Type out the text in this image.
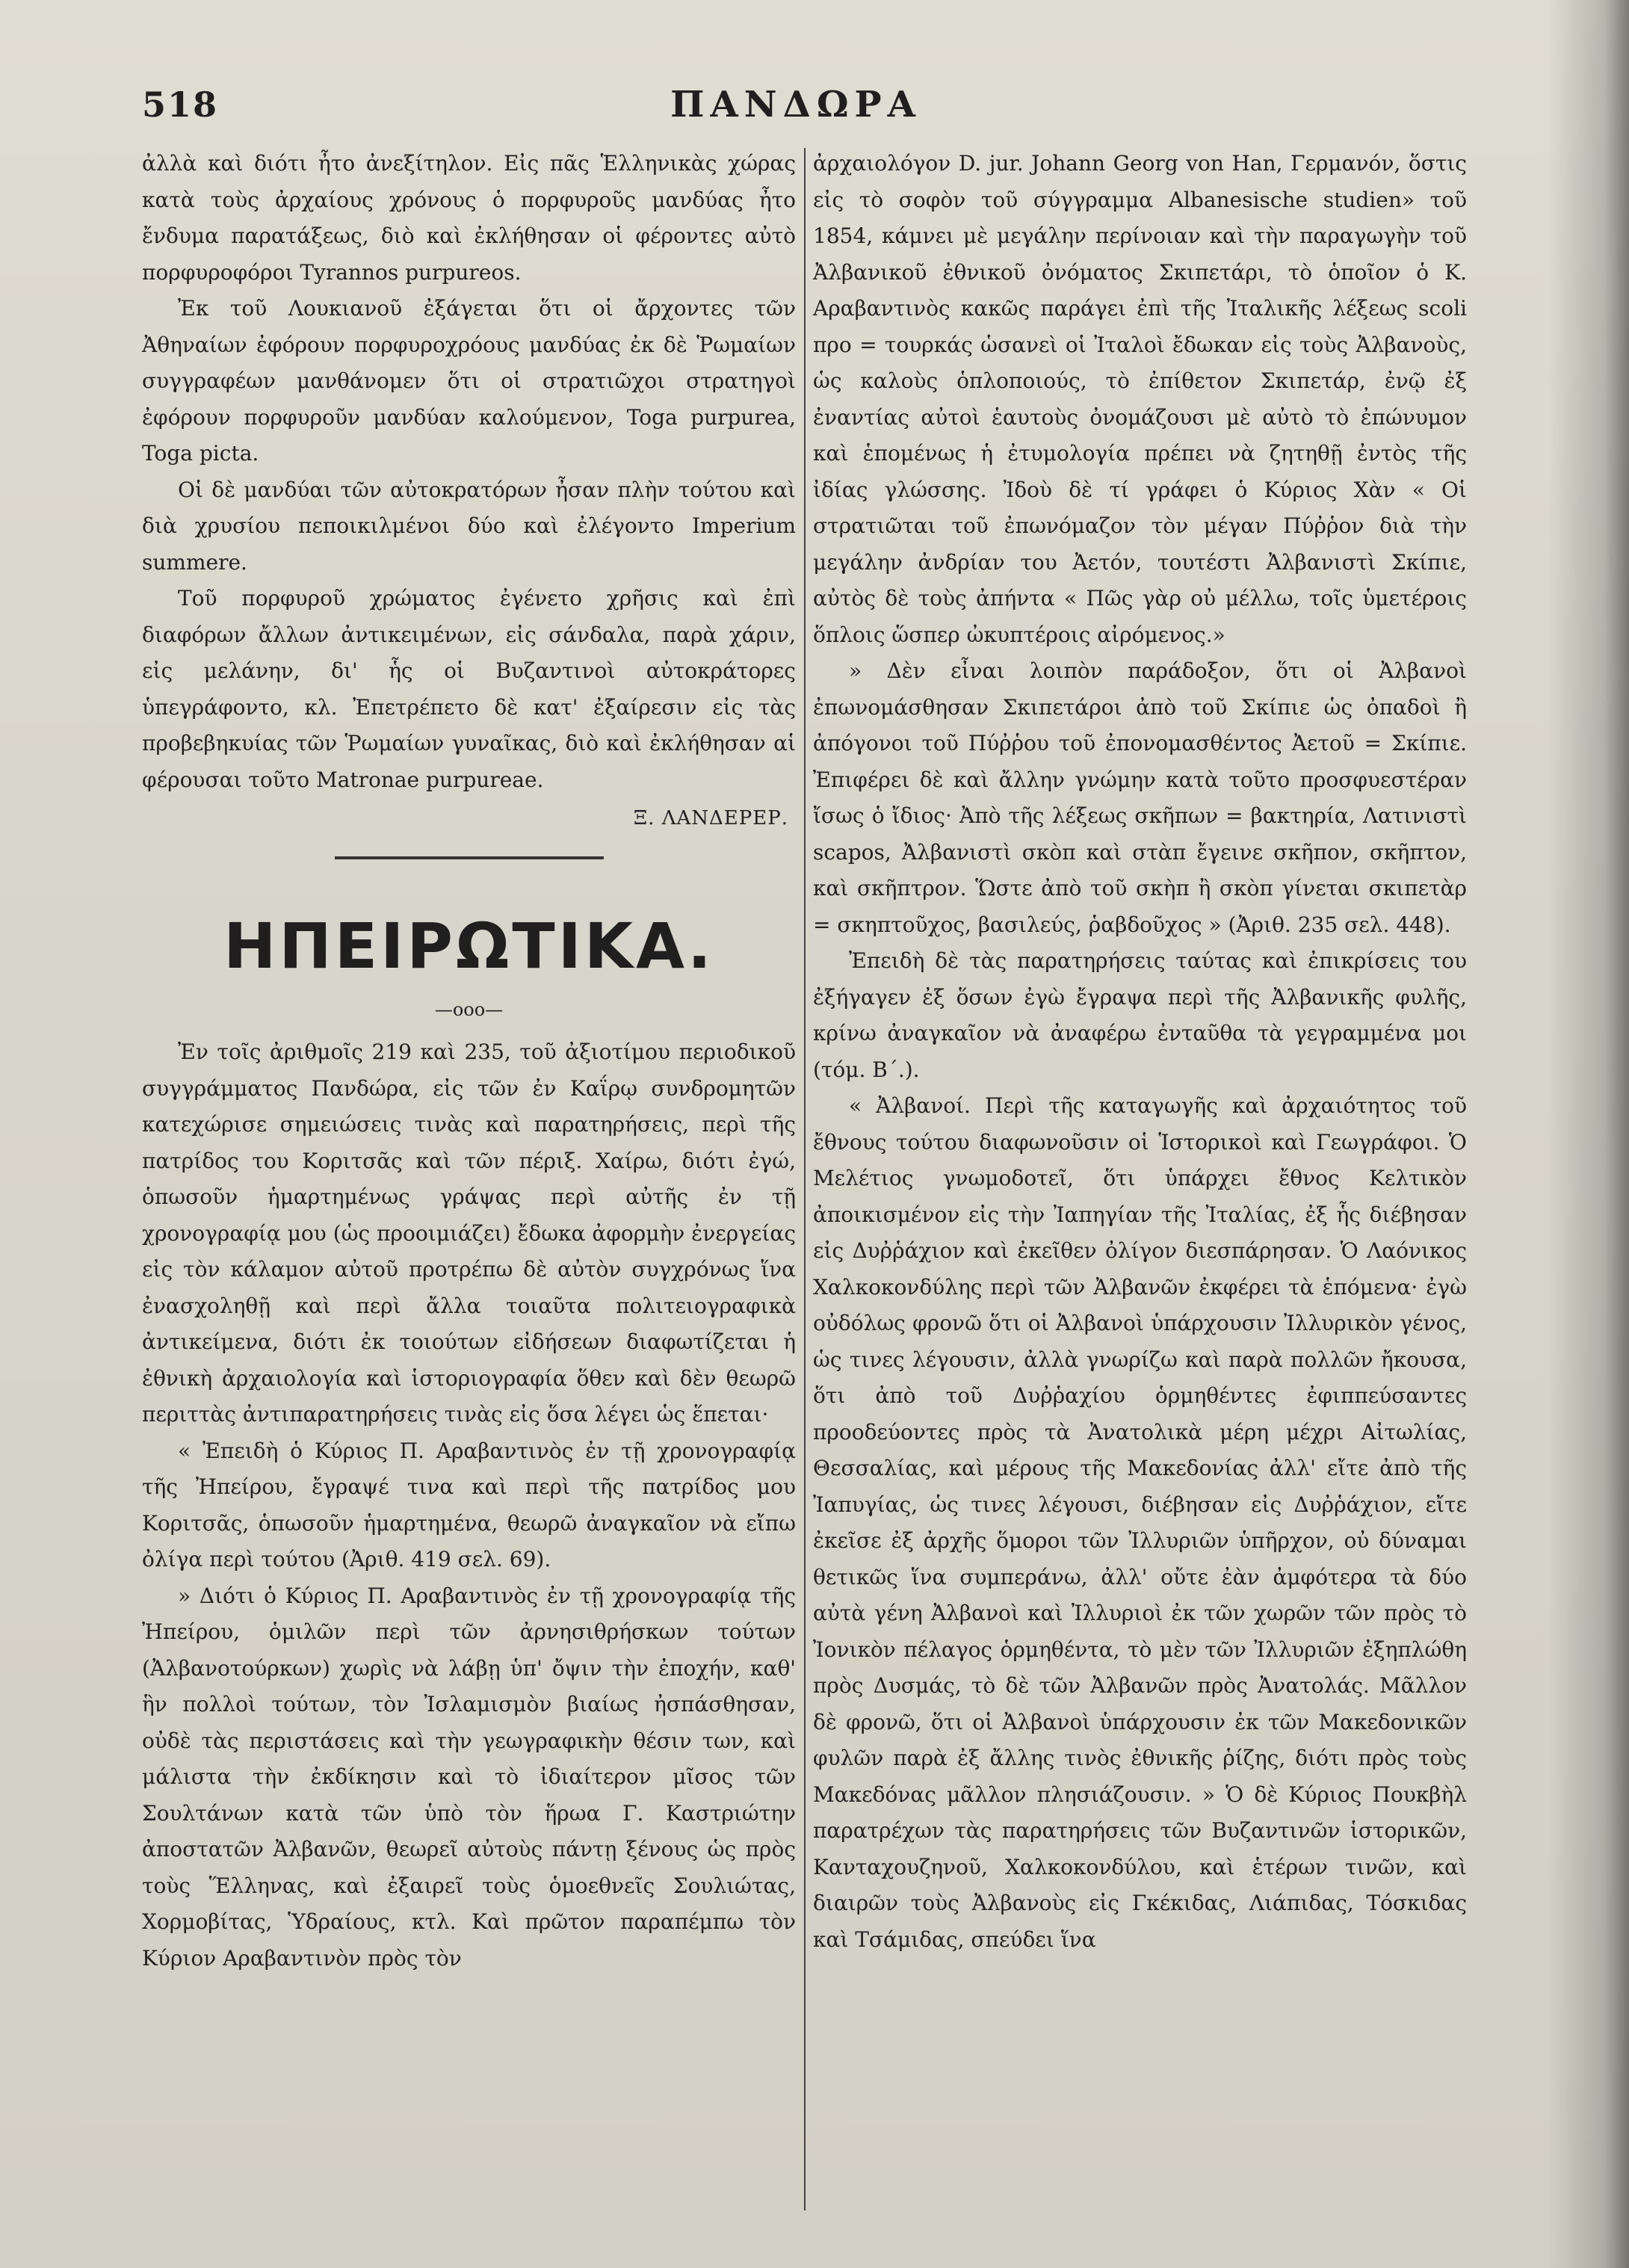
518	ΠΑΝΔΩΡΑ

ἀλλὰ καὶ διότι ἦτο ἀνεξίτηλον. Εἰς πᾶς Ἑλληνικὰς χώρας κατὰ τοὺς ἀρχαίους χρόνους ὁ πορφυροῦς μανδύας ἦτο ἔνδυμα παρατάξεως, διὸ καὶ ἐκλήθησαν οἱ φέροντες αὐτὸ πορφυροφόροι Tyrannos purpureos.

Ἐκ τοῦ Λουκιανοῦ ἐξάγεται ὅτι οἱ ἄρχοντες τῶν Ἀθηναίων ἐφόρουν πορφυροχρόους μανδύας ἐκ δὲ Ῥωμαίων συγγραφέων μανθάνομεν ὅτι οἱ στρατιῶχοι στρατηγοὶ ἐφόρουν πορφυροῦν μανδύαν καλούμενον, Toga purpurea, Toga picta.

Οἱ δὲ μανδύαι τῶν αὐτοκρατόρων ἦσαν πλὴν τούτου καὶ διὰ χρυσίου πεποικιλμένοι δύο καὶ ἐλέγοντο Imperium summere.

Τοῦ πορφυροῦ χρώματος ἐγένετο χρῆσις καὶ ἐπὶ διαφόρων ἄλλων ἀντικειμένων, εἰς σάνδαλα, παρὰ χάριν, εἰς μελάνην, δι' ἧς οἱ Βυζαντινοὶ αὐτοκράτορες ὑπεγράφοντο, κλ. Ἐπετρέπετο δὲ κατ' ἐξαίρεσιν εἰς τὰς προβεβηκυίας τῶν Ῥωμαίων γυναῖκας, διὸ καὶ ἐκλήθησαν αἱ φέρουσαι τοῦτο Matronae purpureae.

Ξ. ΛΑΝΔΕΡΕΡ.

ΗΠΕΙΡΩΤΙΚΑ.
—οοο—

Ἐν τοῖς ἀριθμοῖς 219 καὶ 235, τοῦ ἀξιοτίμου περιοδικοῦ συγγράμματος Πανδώρα, εἰς τῶν ἐν Καΐρῳ συνδρομητῶν κατεχώρισε σημειώσεις τινὰς καὶ παρατηρήσεις, περὶ τῆς πατρίδος του Κοριτσᾶς καὶ τῶν πέριξ. Χαίρω, διότι ἐγώ, ὁπωσοῦν ἡμαρτημένως γράψας περὶ αὐτῆς ἐν τῇ χρονογραφίᾳ μου (ὡς προοιμιάζει) ἔδωκα ἀφορμὴν ἐνεργείας εἰς τὸν κάλαμον αὐτοῦ προτρέπω δὲ αὐτὸν συγχρόνως ἵνα ἐνασχοληθῇ καὶ περὶ ἄλλα τοιαῦτα πολιτειογραφικὰ ἀντικείμενα, διότι ἐκ τοιούτων εἰδήσεων διαφωτίζεται ἡ ἐθνικὴ ἀρχαιολογία καὶ ἱστοριογραφία ὅθεν καὶ δὲν θεωρῶ περιττὰς ἀντιπαρατηρήσεις τινὰς εἰς ὅσα λέγει ὡς ἕπεται·

« Ἐπειδὴ ὁ Κύριος Π. Αραβαντινὸς ἐν τῇ χρονογραφίᾳ τῆς Ἠπείρου, ἔγραψέ τινα καὶ περὶ τῆς πατρίδος μου Κοριτσᾶς, ὁπωσοῦν ἡμαρτημένα, θεωρῶ ἀναγκαῖον νὰ εἴπω ὀλίγα περὶ τούτου (Ἀριθ. 419 σελ. 69).

» Διότι ὁ Κύριος Π. Αραβαντινὸς ἐν τῇ χρονογραφίᾳ τῆς Ἠπείρου, ὁμιλῶν περὶ τῶν ἀρνησιθρήσκων τούτων (Ἀλβανοτούρκων) χωρὶς νὰ λάβῃ ὑπ' ὄψιν τὴν ἐποχήν, καθ' ἣν πολλοὶ τούτων, τὸν Ἰσλαμισμὸν βιαίως ἠσπάσθησαν, οὐδὲ τὰς περιστάσεις καὶ τὴν γεωγραφικὴν θέσιν των, καὶ μάλιστα τὴν ἐκδίκησιν καὶ τὸ ἰδιαίτερον μῖσος τῶν Σουλτάνων κατὰ τῶν ὑπὸ τὸν ἥρωα Γ. Καστριώτην ἀποστατῶν Ἀλβανῶν, θεωρεῖ αὐτοὺς πάντῃ ξένους ὡς πρὸς τοὺς Ἕλληνας, καὶ ἐξαιρεῖ τοὺς ὁμοεθνεῖς Σουλιώτας, Χορμοβίτας, Ὑδραίους, κτλ. Καὶ πρῶτον παραπέμπω τὸν Κύριον Αραβαντινὸν πρὸς τὸν

ἀρχαιολόγον D. jur. Johann Georg von Han, Γερμανόν, ὅστις εἰς τὸ σοφὸν τοῦ σύγγραμμα Albanesische studien» τοῦ 1854, κάμνει μὲ μεγάλην περίνοιαν καὶ τὴν παραγωγὴν τοῦ Ἀλβανικοῦ ἐθνικοῦ ὀνόματος Σκιπετάρι, τὸ ὁποῖον ὁ Κ. Αραβαντινὸς κακῶς παράγει ἐπὶ τῆς Ἰταλικῆς λέξεως scoli προ = τουρκάς ὡσανεὶ οἱ Ἰταλοὶ ἔδωκαν εἰς τοὺς Ἀλβανοὺς, ὡς καλοὺς ὁπλοποιούς, τὸ ἐπίθετον Σκιπετάρ, ἐνῷ ἐξ ἐναντίας αὐτοὶ ἑαυτοὺς ὀνομάζουσι μὲ αὐτὸ τὸ ἐπώνυμον καὶ ἑπομένως ἡ ἐτυμολογία πρέπει νὰ ζητηθῇ ἐντὸς τῆς ἰδίας γλώσσης. Ἰδοὺ δὲ τί γράφει ὁ Κύριος Χὰν « Οἱ στρατιῶται τοῦ ἐπωνόμαζον τὸν μέγαν Πύῤῥον διὰ τὴν μεγάλην ἀνδρίαν του Ἀετόν, τουτέστι Ἀλβανιστὶ Σκίπιε, αὐτὸς δὲ τοὺς ἀπήντα « Πῶς γὰρ οὐ μέλλω, τοῖς ὑμετέροις ὅπλοις ὥσπερ ὠκυπτέροις αἰρόμενος.»

» Δὲν εἶναι λοιπὸν παράδοξον, ὅτι οἱ Ἀλβανοὶ ἐπωνομάσθησαν Σκιπετάροι ἀπὸ τοῦ Σκίπιε ὡς ὀπαδοὶ ἢ ἀπόγονοι τοῦ Πύῤῥου τοῦ ἐπονομασθέντος Ἀετοῦ = Σκίπιε. Ἐπιφέρει δὲ καὶ ἄλλην γνώμην κατὰ τοῦτο προσφυεστέραν ἴσως ὁ ἴδιος· Ἀπὸ τῆς λέξεως σκῆπων = βακτηρία, Λατινιστὶ scapos, Ἀλβανιστὶ σκὸπ καὶ στὰπ ἔγεινε σκῆπον, σκῆπτον, καὶ σκῆπτρον. Ὥστε ἀπὸ τοῦ σκὴπ ἢ σκὸπ γίνεται σκιπετὰρ = σκηπτοῦχος, βασιλεύς, ῥαβδοῦχος » (Ἀριθ. 235 σελ. 448).

Ἐπειδὴ δὲ τὰς παρατηρήσεις ταύτας καὶ ἐπικρίσεις του ἐξήγαγεν ἐξ ὅσων ἐγὼ ἔγραψα περὶ τῆς Ἀλβανικῆς φυλῆς, κρίνω ἀναγκαῖον νὰ ἀναφέρω ἐνταῦθα τὰ γεγραμμένα μοι (τόμ. Β΄.).

« Ἀλβανοί. Περὶ τῆς καταγωγῆς καὶ ἀρχαιότητος τοῦ ἔθνους τούτου διαφωνοῦσιν οἱ Ἱστορικοὶ καὶ Γεωγράφοι. Ὁ Μελέτιος γνωμοδοτεῖ, ὅτι ὑπάρχει ἔθνος Κελτικὸν ἀποικισμένον εἰς τὴν Ἰαπηγίαν τῆς Ἰταλίας, ἐξ ἧς διέβησαν εἰς Δυῤῥάχιον καὶ ἐκεῖθεν ὀλίγον διεσπάρησαν. Ὁ Λαόνικος Χαλκοκονδύλης περὶ τῶν Ἀλβανῶν ἐκφέρει τὰ ἑπόμενα· ἐγὼ οὐδόλως φρονῶ ὅτι οἱ Ἀλβανοὶ ὑπάρχουσιν Ἰλλυρικὸν γένος, ὡς τινες λέγουσιν, ἀλλὰ γνωρίζω καὶ παρὰ πολλῶν ἤκουσα, ὅτι ἀπὸ τοῦ Δυῤῥαχίου ὁρμηθέντες ἐφιππεύσαντες προοδεύοντες πρὸς τὰ Ἀνατολικὰ μέρη μέχρι Αἰτωλίας, Θεσσαλίας, καὶ μέρους τῆς Μακεδονίας ἀλλ' εἴτε ἀπὸ τῆς Ἰαπυγίας, ὡς τινες λέγουσι, διέβησαν εἰς Δυῤῥάχιον, εἴτε ἐκεῖσε ἐξ ἀρχῆς ὅμοροι τῶν Ἰλλυριῶν ὑπῆρχον, οὐ δύναμαι θετικῶς ἵνα συμπεράνω, ἀλλ' οὔτε ἐὰν ἀμφότερα τὰ δύο αὐτὰ γένη Ἀλβανοὶ καὶ Ἰλλυριοὶ ἐκ τῶν χωρῶν τῶν πρὸς τὸ Ἰονικὸν πέλαγος ὁρμηθέντα, τὸ μὲν τῶν Ἰλλυριῶν ἐξηπλώθη πρὸς Δυσμάς, τὸ δὲ τῶν Ἀλβανῶν πρὸς Ἀνατολάς. Μᾶλλον δὲ φρονῶ, ὅτι οἱ Ἀλβανοὶ ὑπάρχουσιν ἐκ τῶν Μακεδονικῶν φυλῶν παρὰ ἐξ ἄλλης τινὸς ἐθνικῆς ῥίζης, διότι πρὸς τοὺς Μακεδόνας μᾶλλον πλησιάζουσιν. » Ὁ δὲ Κύριος Πουκβὴλ παρατρέχων τὰς παρατηρήσεις τῶν Βυζαντινῶν ἱστορικῶν, Κανταχουζηνοῦ, Χαλκοκονδύλου, καὶ ἑτέρων τινῶν, καὶ διαιρῶν τοὺς Ἀλβανοὺς εἰς Γκέκιδας, Λιάπιδας, Τόσκιδας καὶ Τσάμιδας, σπεύδει ἵνα
